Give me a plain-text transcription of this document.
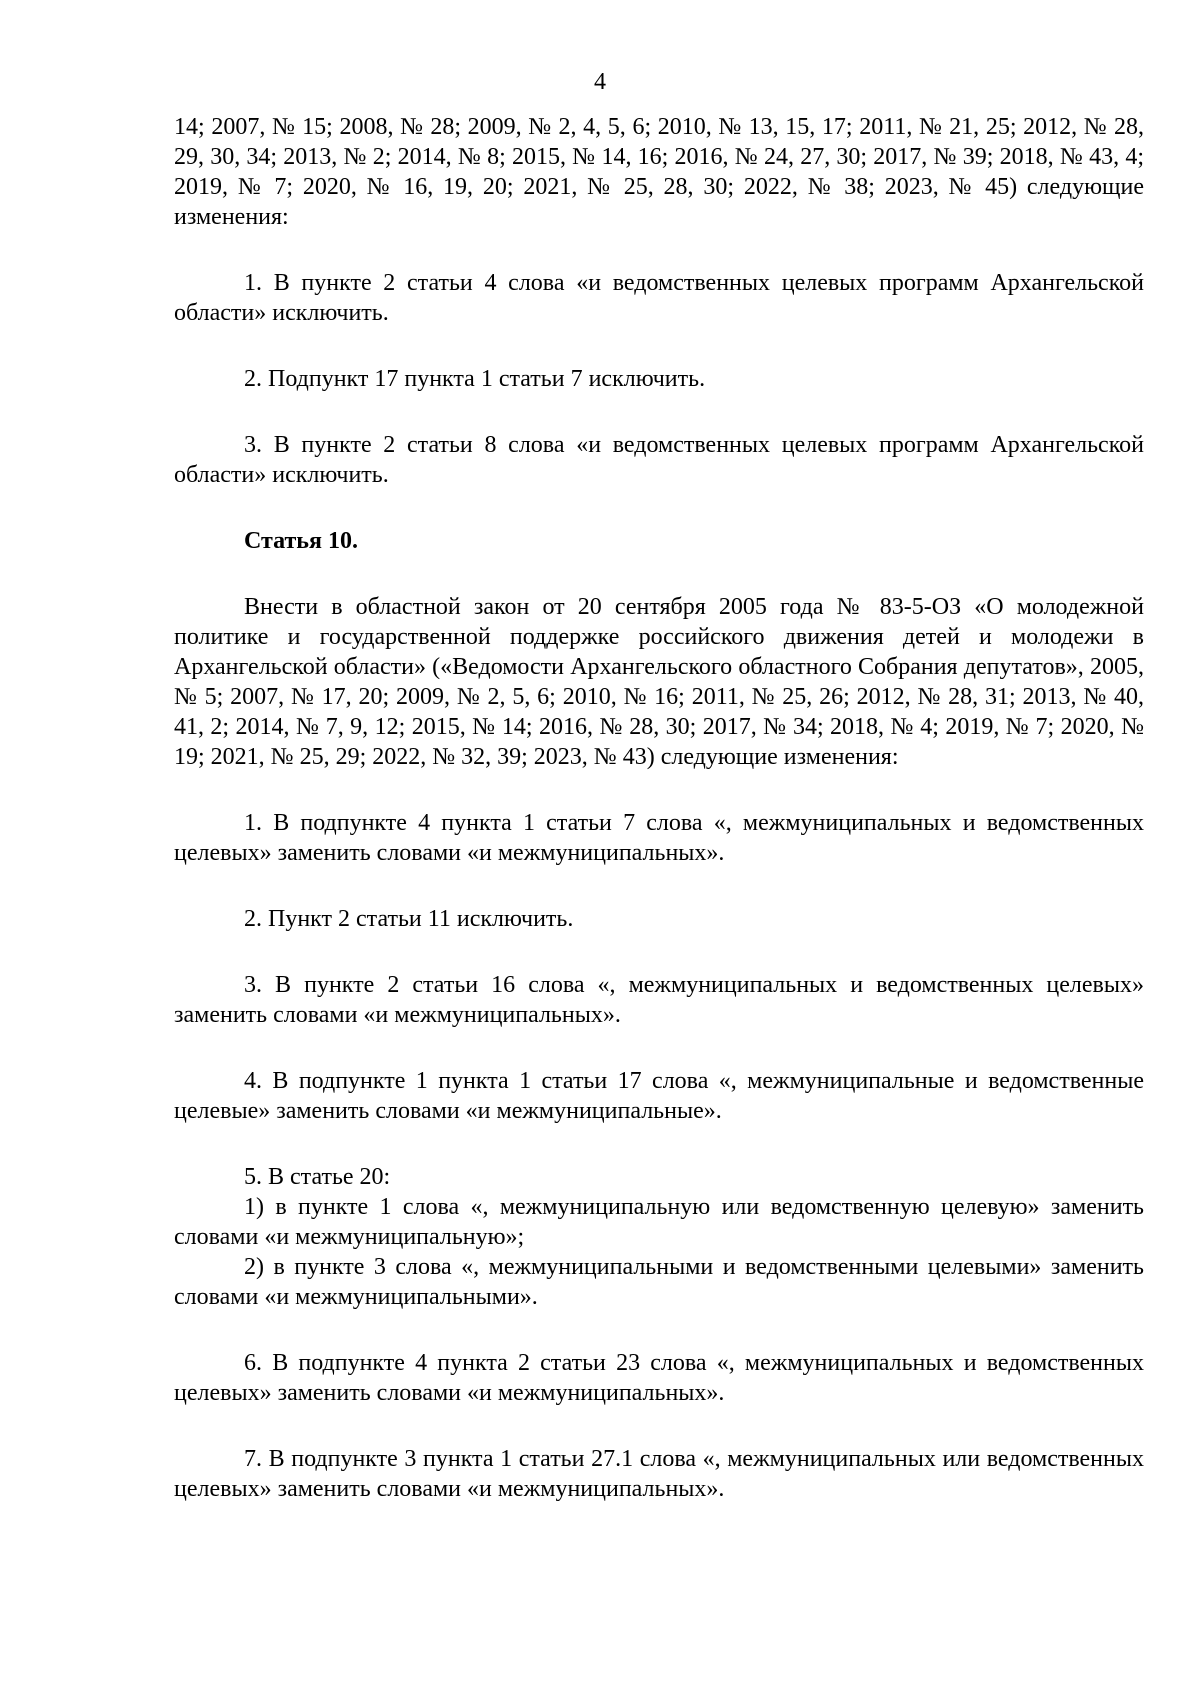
4

14; 2007, № 15; 2008, № 28; 2009, № 2, 4, 5, 6; 2010, № 13, 15, 17; 2011, № 21, 25; 2012, № 28, 29, 30, 34; 2013, № 2; 2014, № 8; 2015, № 14, 16; 2016, № 24, 27, 30; 2017, № 39; 2018, № 43, 4; 2019, № 7; 2020, № 16, 19, 20; 2021, № 25, 28, 30; 2022, № 38; 2023, № 45) следующие изменения:

1. В пункте 2 статьи 4 слова «и ведомственных целевых программ Архангельской области» исключить.

2. Подпункт 17 пункта 1 статьи 7 исключить.

3. В пункте 2 статьи 8 слова «и ведомственных целевых программ Архангельской области» исключить.

Статья 10.

Внести в областной закон от 20 сентября 2005 года № 83-5-ОЗ «О молодежной политике и государственной поддержке российского движения детей и молодежи в Архангельской области» («Ведомости Архангельского областного Собрания депутатов», 2005, № 5; 2007, № 17, 20; 2009, № 2, 5, 6; 2010, № 16; 2011, № 25, 26; 2012, № 28, 31; 2013, № 40, 41, 2; 2014, № 7, 9, 12; 2015, № 14; 2016, № 28, 30; 2017, № 34; 2018, № 4; 2019, № 7; 2020, № 19; 2021, № 25, 29; 2022, № 32, 39; 2023, № 43) следующие изменения:

1. В подпункте 4 пункта 1 статьи 7 слова «, межмуниципальных и ведомственных целевых» заменить словами «и межмуниципальных».

2. Пункт 2 статьи 11 исключить.

3. В пункте 2 статьи 16 слова «, межмуниципальных и ведомственных целевых» заменить словами «и межмуниципальных».

4. В подпункте 1 пункта 1 статьи 17 слова «, межмуниципальные и ведомственные целевые» заменить словами «и межмуниципальные».

5. В статье 20:

1) в пункте 1 слова «, межмуниципальную или ведомственную целевую» заменить словами «и межмуниципальную»;

2) в пункте 3 слова «, межмуниципальными и ведомственными целевыми» заменить словами «и межмуниципальными».

6. В подпункте 4 пункта 2 статьи 23 слова «, межмуниципальных и ведомственных целевых» заменить словами «и межмуниципальных».

7. В подпункте 3 пункта 1 статьи 27.1 слова «, межмуниципальных или ведомственных целевых» заменить словами «и межмуниципальных».
